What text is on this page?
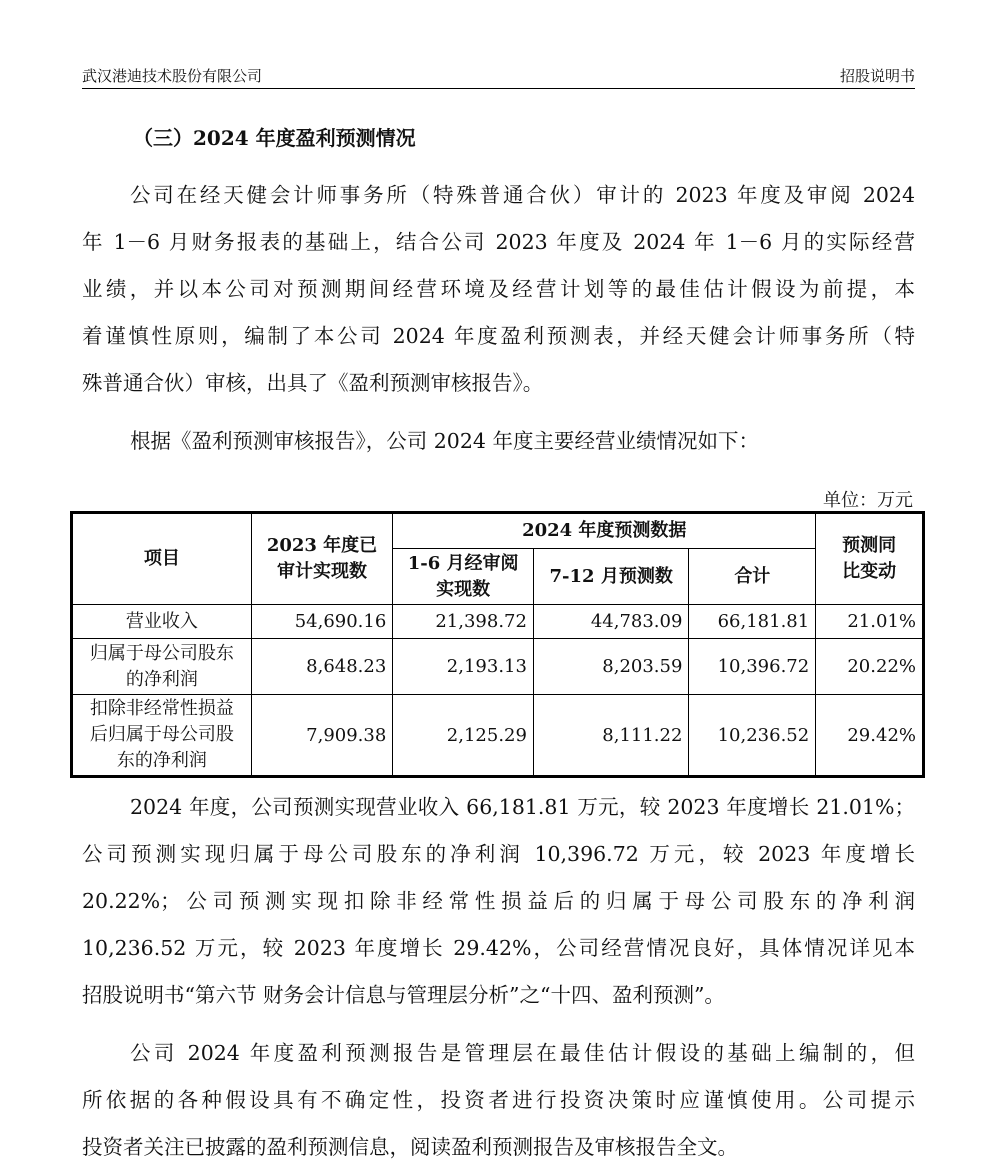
武汉港迪技术股份有限公司	招股说明书
（三）2024 年度盈利预测情况
公司在经天健会计师事务所（特殊普通合伙）审计的 2023 年度及审阅 2024
年 1－6 月财务报表的基础上，结合公司 2023 年度及 2024 年 1－6 月的实际经营
业绩，并以本公司对预测期间经营环境及经营计划等的最佳估计假设为前提，本
着谨慎性原则，编制了本公司 2024 年度盈利预测表，并经天健会计师事务所（特
殊普通合伙）审核，出具了《盈利预测审核报告》。
根据《盈利预测审核报告》，公司 2024 年度主要经营业绩情况如下：
单位：万元
项目	2023 年度已审计实现数	2024 年度预测数据			预测同比变动
		1-6 月经审阅实现数	7-12 月预测数	合计	
营业收入	54,690.16	21,398.72	44,783.09	66,181.81	21.01%
归属于母公司股东的净利润	8,648.23	2,193.13	8,203.59	10,396.72	20.22%
扣除非经常性损益后归属于母公司股东的净利润	7,909.38	2,125.29	8,111.22	10,236.52	29.42%
2024 年度，公司预测实现营业收入 66,181.81 万元，较 2023 年度增长 21.01%；
公司预测实现归属于母公司股东的净利润 10,396.72 万元，较 2023 年度增长
20.22%；公司预测实现扣除非经常性损益后的归属于母公司股东的净利润
10,236.52 万元，较 2023 年度增长 29.42%，公司经营情况良好，具体情况详见本
招股说明书“第六节 财务会计信息与管理层分析”之“十四、盈利预测”。
公司 2024 年度盈利预测报告是管理层在最佳估计假设的基础上编制的，但
所依据的各种假设具有不确定性，投资者进行投资决策时应谨慎使用。公司提示
投资者关注已披露的盈利预测信息，阅读盈利预测报告及审核报告全文。
